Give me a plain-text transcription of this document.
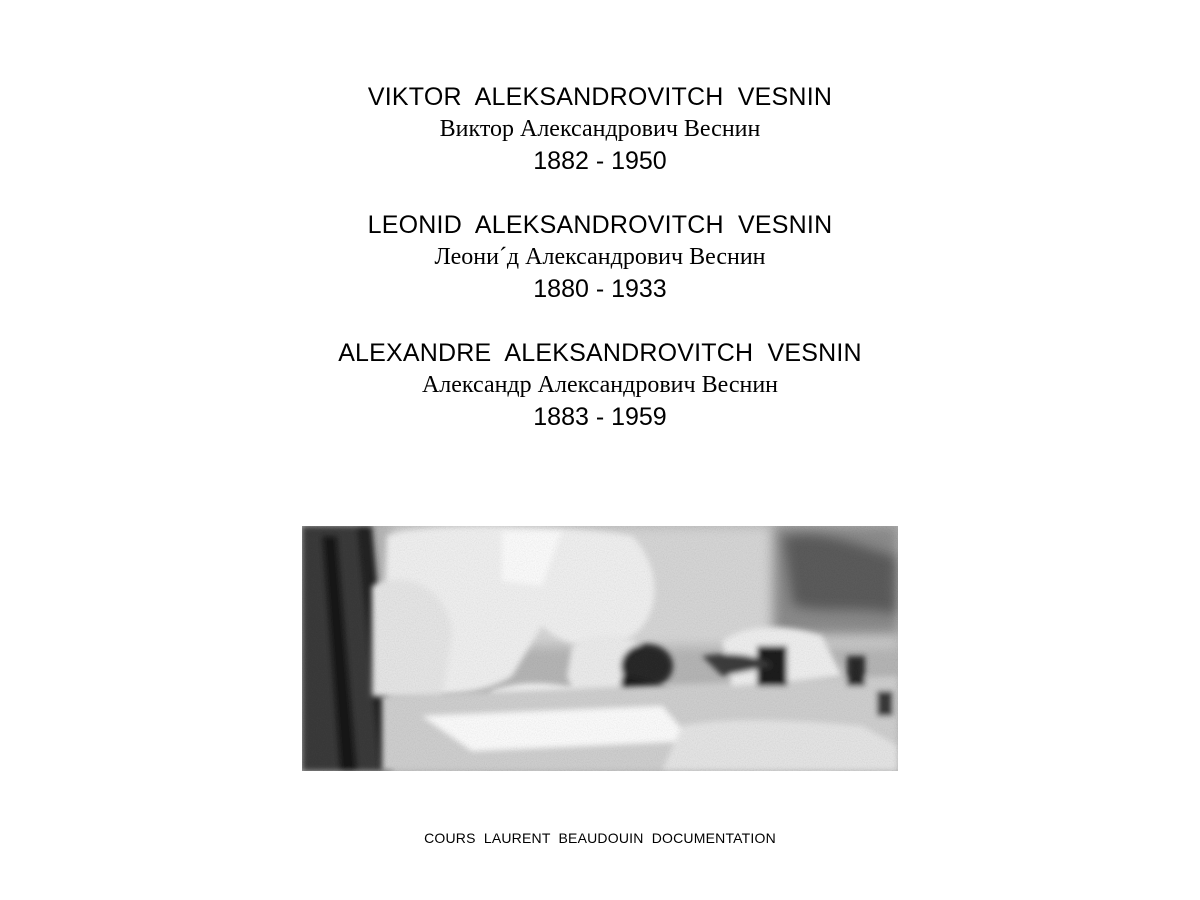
VIKTOR  ALEKSANDROVITCH  VESNIN
Виктор Александрович Веснин
1882 - 1950
LEONID  ALEKSANDROVITCH  VESNIN
Леони´д Александрович Веснин
1880 - 1933
ALEXANDRE  ALEKSANDROVITCH  VESNIN
Александр Александрович Веснин
1883 - 1959
COURS  LAURENT  BEAUDOUIN  DOCUMENTATION
